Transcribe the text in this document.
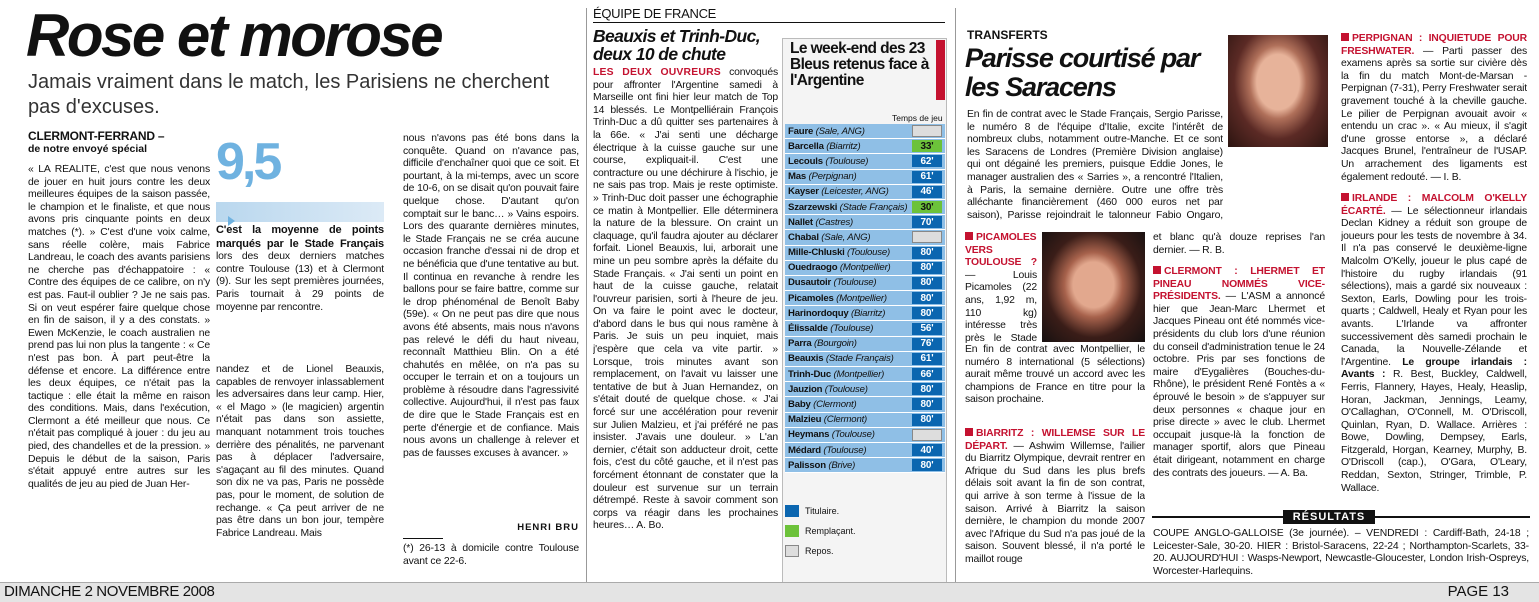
Rose et morose
Jamais vraiment dans le match, les Parisiens ne cherchent pas d'excuses.
CLERMONT-FERRAND –
de notre envoyé spécial

« LA RÉALITÉ, c'est que nous venons de jouer en huit jours contre les deux meilleures équipes de la saison passée, le champion et le finaliste, et que nous avons pris cinquante points en deux matches (*). » C'est d'une voix calme, sans réelle colère, mais Fabrice Landreau, le coach des avants parisiens ne cherche pas d'échappatoire : « Contre des équipes de ce calibre, on n'y est pas. Faut-il oublier ? Je ne sais pas. Si on veut espérer faire quelque chose en fin de saison, il y a des constats. » Ewen McKenzie, le coach australien ne prend pas lui non plus la tangente : « Ce n'est pas bon. À part peut-être la défense et encore. La différence entre les deux équipes, ce n'était pas la tactique : elle était la même en raison des conditions. Mais, dans l'exécution, Clermont a été meilleur que nous. Ce n'était pas compliqué à jouer : du jeu au pied, des chandelles et de la pression. » Depuis le début de la saison, Paris s'était appuyé entre autres sur les qualités de jeu au pied de Juan Her-

9,5

C'est la moyenne de points marqués par le Stade Français lors des deux derniers matches contre Toulouse (13) et à Clermont (9). Sur les sept premières journées, Paris tournait à 29 points de moyenne par rencontre.

nandez et de Lionel Beauxis, capables de renvoyer inlassablement les adversaires dans leur camp. Hier, « el Mago » (le magicien) argentin n'était pas dans son assiette, manquant notamment trois touches derrière des pénalités, ne parvenant pas à déplacer l'adversaire, s'agaçant au fil des minutes. Quand son dix ne va pas, Paris ne possède pas, pour le moment, de solution de rechange. « Ça peut arriver de ne pas être dans un bon jour, tempère Fabrice Landreau. Mais

nous n'avons pas été bons dans la conquête. Quand on n'avance pas, difficile d'enchaîner quoi que ce soit. Et pourtant, à la mi-temps, avec un score de 10-6, on se disait qu'on pouvait faire quelque chose. D'autant qu'on comptait sur le banc… » Vains espoirs. Lors des quarante dernières minutes, le Stade Français ne se créa aucune occasion franche d'essai ni de drop et ne bénéficia que d'une tentative au but. Il continua en revanche à rendre les ballons pour se faire battre, comme sur le drop phénoménal de Benoît Baby (59e). « On ne peut pas dire que nous avons été absents, mais nous n'avons pas relevé le défi du haut niveau, reconnaît Matthieu Blin. On a été chahutés en mêlée, on n'a pas su occuper le terrain et on a toujours un problème à résoudre dans l'agressivité collective. Aujourd'hui, il n'est pas faux de dire que le Stade Français est en perte d'énergie et de confiance. Mais nous avons un challenge à relever et pas de fausses excuses à avancer. »

HENRI BRU

(*) 26-13 à domicile contre Toulouse avant ce 22-6.

ÉQUIPE DE FRANCE
Beauxis et Trinh-Duc, deux 10 de chute

LES DEUX OUVREURS convoqués pour affronter l'Argentine samedi à Marseille ont fini hier leur match de Top 14 blessés. Le Montpelliérain François Trinh-Duc a dû quitter ses partenaires à la 66e. « J'ai senti une décharge électrique à la cuisse gauche sur une course, expliquait-il. C'est une contracture ou une déchirure à l'ischio, je ne sais pas trop. Mais je reste optimiste. » Trinh-Duc doit passer une échographie ce matin à Montpellier. Elle déterminera la nature de la blessure. On craint un claquage, qu'il faudra ajouter au déclarer forfait. Lionel Beauxis, lui, arborait une mine un peu sombre après la défaite du Stade Français. « J'ai senti un point en haut de la cuisse gauche, relatait l'ouvreur parisien, sorti à l'heure de jeu. On va faire le point avec le docteur, d'abord dans le bus qui nous ramène à Paris. Je suis un peu inquiet, mais j'espère que cela va vite partir. » Lorsque, trois minutes avant son remplacement, on l'avait vu laisser une tentative de but à Juan Hernandez, on s'était douté de quelque chose. « J'ai forcé sur une accélération pour revenir sur Julien Malzieu, et j'ai préféré ne pas insister. J'avais une douleur. » L'an dernier, c'était son adducteur droit, cette fois, c'est du côté gauche, et il n'est pas forcément étonnant de constater que la douleur est survenue sur un terrain détrempé. Reste à savoir comment son corps va réagir dans les prochaines heures… A. Bo.

Le week-end des 23 Bleus retenus face à l'Argentine
Temps de jeu
Faure (Sale, ANG)
Barcella (Biarritz)	33'
Lecouls (Toulouse)	62'
Mas (Perpignan)	61'
Kayser (Leicester, ANG)	46'
Szarzewski (Stade Français)	30'
Nallet (Castres)	70'
Chabal (Sale, ANG)
Mille-Chluski (Toulouse)	80'
Ouedraogo (Montpellier)	80'
Dusautoir (Toulouse)	80'
Picamoles (Montpellier)	80'
Harinordoquy (Biarritz)	80'
Élissalde (Toulouse)	56'
Parra (Bourgoin)	76'
Beauxis (Stade Français)	61'
Trinh-Duc (Montpellier)	66'
Jauzion (Toulouse)	80'
Baby (Clermont)	80'
Malzieu (Clermont)	80'
Heymans (Toulouse)
Médard (Toulouse)	40'
Palisson (Brive)	80'
Titulaire.
Remplaçant.
Repos.
TRANSFERTS
Parisse courtisé par les Saracens

En fin de contrat avec le Stade Français, Sergio Parisse, le numéro 8 de l'équipe d'Italie, excite l'intérêt de nombreux clubs, notamment outre-Manche. Et ce sont les Saracens de Londres (Première Division anglaise) qui ont dégainé les premiers, puisque Eddie Jones, le manager australien des « Sarries », a rencontré l'Italien, à Paris, la semaine dernière. Outre une offre très alléchante financièrement (460 000 euros net par saison), Parisse rejoindrait le talonneur Fabio Ongaro,

PICAMOLES VERS TOULOUSE ? — Louis Picamoles (22 ans, 1,92 m, 110 kg) intéresse très près le Stade

En fin de contrat avec Montpellier, le numéro 8 international (5 sélections) aurait même trouvé un accord avec les champions de France en titre pour la saison prochaine.

BIARRITZ : WILLEMSE SUR LE DÉPART. — Ashwim Willemse, l'ailier du Biarritz Olympique, devrait rentrer en Afrique du Sud dans les plus brefs délais soit avant la fin de son contrat, qui arrive à son terme à l'issue de la saison. Arrivé à Biarritz la saison dernière, le champion du monde 2007 avec l'Afrique du Sud n'a pas joué de la saison. Souvent blessé, il n'a porté le maillot rouge

et blanc qu'à douze reprises l'an dernier. — R. B.

CLERMONT : LHERMET ET PINEAU NOMMÉS VICE-PRÉSIDENTS. — L'ASM a annoncé hier que Jean-Marc Lhermet et Jacques Pineau ont été nommés vice-présidents du club lors d'une réunion du conseil d'administration tenue le 24 octobre. Pris par ses fonctions de maire d'Eygalières (Bouches-du-Rhône), le président René Fontès a « éprouvé le besoin » de s'appuyer sur deux personnes « chaque jour en prise directe » avec le club. Lhermet occupait jusque-là la fonction de manager sportif, alors que Pineau était dirigeant, notamment en charge des contrats des joueurs. — A. Ba.

PERPIGNAN : INQUIÉTUDE POUR FRESHWATER. — Parti passer des examens après sa sortie sur civière dès la fin du match Mont-de-Marsan - Perpignan (7-31), Perry Freshwater serait gravement touché à la cheville gauche. Le pilier de Perpignan avouait avoir « entendu un crac ». « Au mieux, il s'agit d'une grosse entorse », a déclaré Jacques Brunel, l'entraîneur de l'USAP. Un arrachement des ligaments est également redouté. — I. B.

IRLANDE : MALCOLM O'KELLY ÉCARTÉ. — Le sélectionneur irlandais Declan Kidney a réduit son groupe de joueurs pour les tests de novembre à 34. Il n'a pas conservé le deuxième-ligne Malcolm O'Kelly, joueur le plus capé de l'histoire du rugby irlandais (91 sélections), mais a gardé six nouveaux : Sexton, Earls, Dowling pour les trois-quarts ; Caldwell, Healy et Ryan pour les avants. L'Irlande va affronter successivement dès samedi prochain le Canada, la Nouvelle-Zélande et l'Argentine. Le groupe irlandais : Avants : R. Best, Buckley, Caldwell, Ferris, Flannery, Hayes, Healy, Heaslip, Horan, Jackman, Jennings, Leamy, O'Callaghan, O'Connell, M. O'Driscoll, Quinlan, Ryan, D. Wallace. Arrières : Bowe, Dowling, Dempsey, Earls, Fitzgerald, Horgan, Kearney, Murphy, B. O'Driscoll (cap.), O'Gara, O'Leary, Reddan, Sexton, Stringer, Trimble, P. Wallace.

RÉSULTATS

COUPE ANGLO-GALLOISE (3e journée). – VENDREDI : Cardiff-Bath, 24-18 ; Leicester-Sale, 30-20. HIER : Bristol-Saracens, 22-24 ; Northampton-Scarlets, 33-20. AUJOURD'HUI : Wasps-Newport, Newcastle-Gloucester, London Irish-Ospreys, Worcester-Harlequins.

DIMANCHE 2 NOVEMBRE 2008	PAGE 13
